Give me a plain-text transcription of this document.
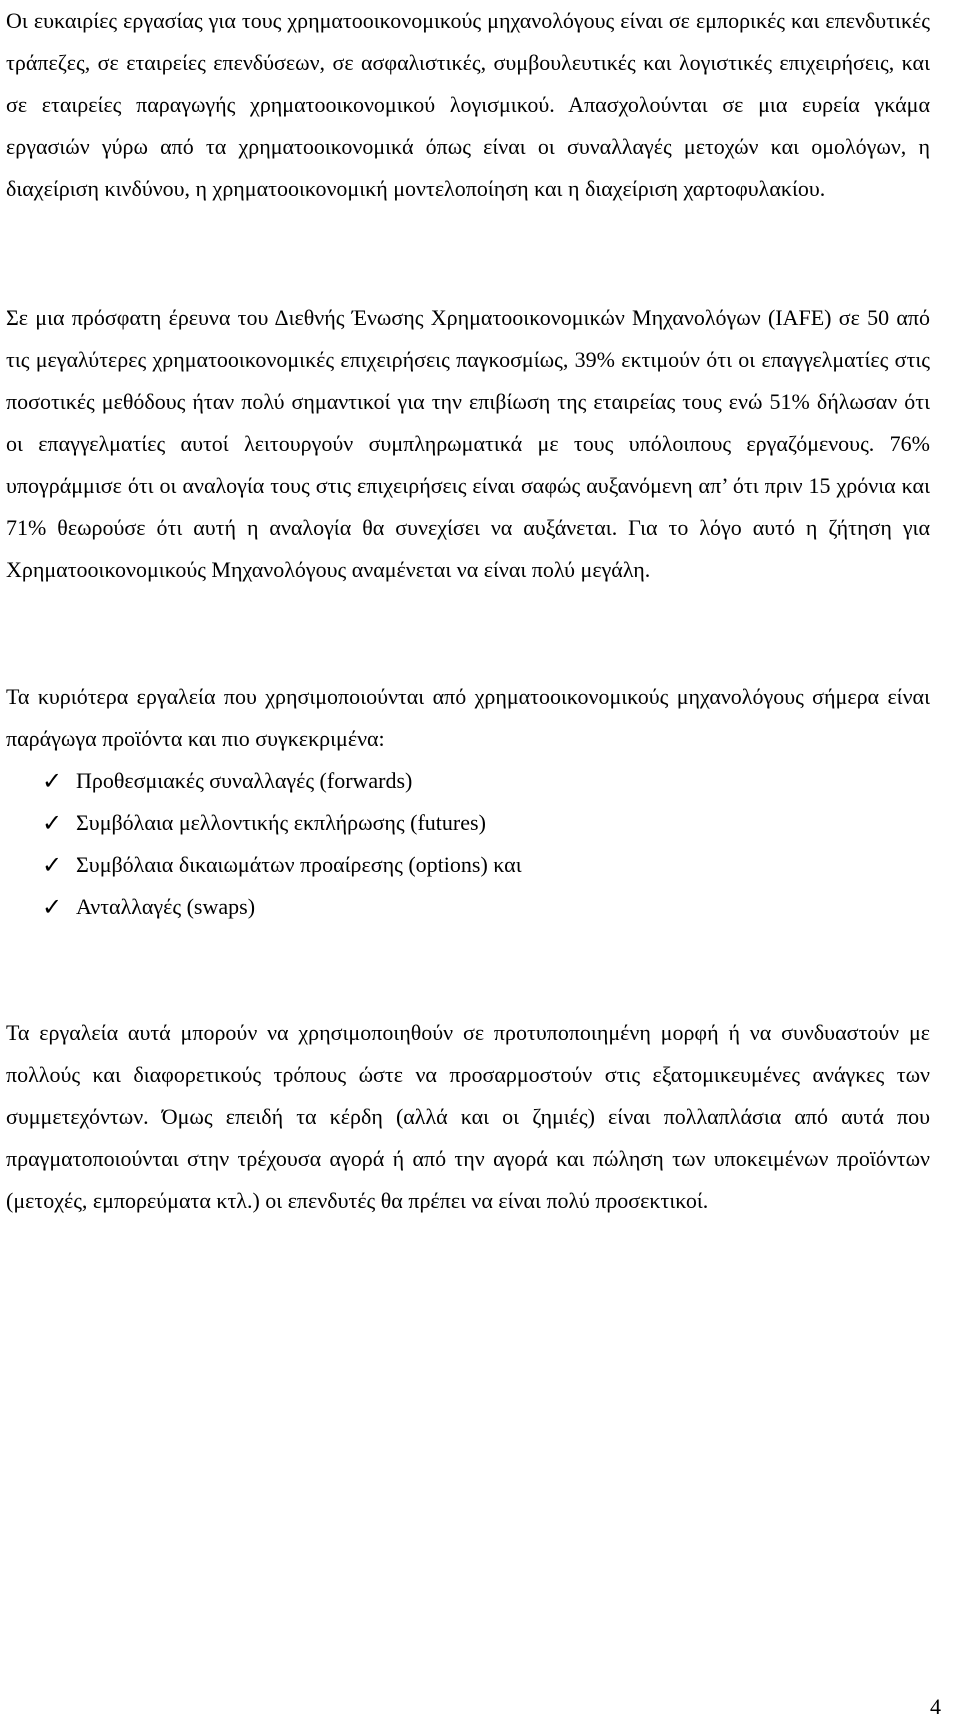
Οι ευκαιρίες εργασίας για τους χρηματοοικονομικούς μηχανολόγους είναι σε εμπορικές και επενδυτικές τράπεζες, σε εταιρείες επενδύσεων, σε ασφαλιστικές, συμβουλευτικές και λογιστικές επιχειρήσεις, και σε εταιρείες παραγωγής χρηματοοικονομικού λογισμικού. Απασχολούνται σε μια ευρεία γκάμα εργασιών γύρω από τα χρηματοοικονομικά όπως είναι οι συναλλαγές μετοχών και ομολόγων, η διαχείριση κινδύνου, η χρηματοοικονομική μοντελοποίηση και η διαχείριση χαρτοφυλακίου.

Σε μια πρόσφατη έρευνα του Διεθνής Ένωσης Χρηματοοικονομικών Μηχανολόγων (IAFE) σε 50 από τις μεγαλύτερες χρηματοοικονομικές επιχειρήσεις παγκοσμίως, 39% εκτιμούν ότι οι επαγγελματίες στις ποσοτικές μεθόδους ήταν πολύ σημαντικοί για την επιβίωση της εταιρείας τους ενώ 51% δήλωσαν ότι οι επαγγελματίες αυτοί λειτουργούν συμπληρωματικά με τους υπόλοιπους εργαζόμενους. 76% υπογράμμισε ότι οι αναλογία τους στις επιχειρήσεις είναι σαφώς αυξανόμενη απ’ ότι πριν 15 χρόνια και 71% θεωρούσε ότι αυτή η αναλογία θα συνεχίσει να αυξάνεται. Για το λόγο αυτό η ζήτηση για Χρηματοοικονομικούς Μηχανολόγους αναμένεται να είναι πολύ μεγάλη.

Τα κυριότερα εργαλεία που χρησιμοποιούνται από χρηματοοικονομικούς μηχανολόγους σήμερα είναι παράγωγα προϊόντα και πιο συγκεκριμένα:

✓ Προθεσμιακές συναλλαγές (forwards)
✓ Συμβόλαια μελλοντικής εκπλήρωσης (futures)
✓ Συμβόλαια δικαιωμάτων προαίρεσης (options) και
✓ Ανταλλαγές (swaps)

Τα εργαλεία αυτά μπορούν να χρησιμοποιηθούν σε προτυποποιημένη μορφή ή να συνδυαστούν με πολλούς και διαφορετικούς τρόπους ώστε να προσαρμοστούν στις εξατομικευμένες ανάγκες των συμμετεχόντων. Όμως επειδή τα κέρδη (αλλά και οι ζημιές) είναι πολλαπλάσια από αυτά που πραγματοποιούνται στην τρέχουσα αγορά ή από την αγορά και πώληση των υποκειμένων προϊόντων (μετοχές, εμπορεύματα κτλ.) οι επενδυτές θα πρέπει να είναι πολύ προσεκτικοί.

4
